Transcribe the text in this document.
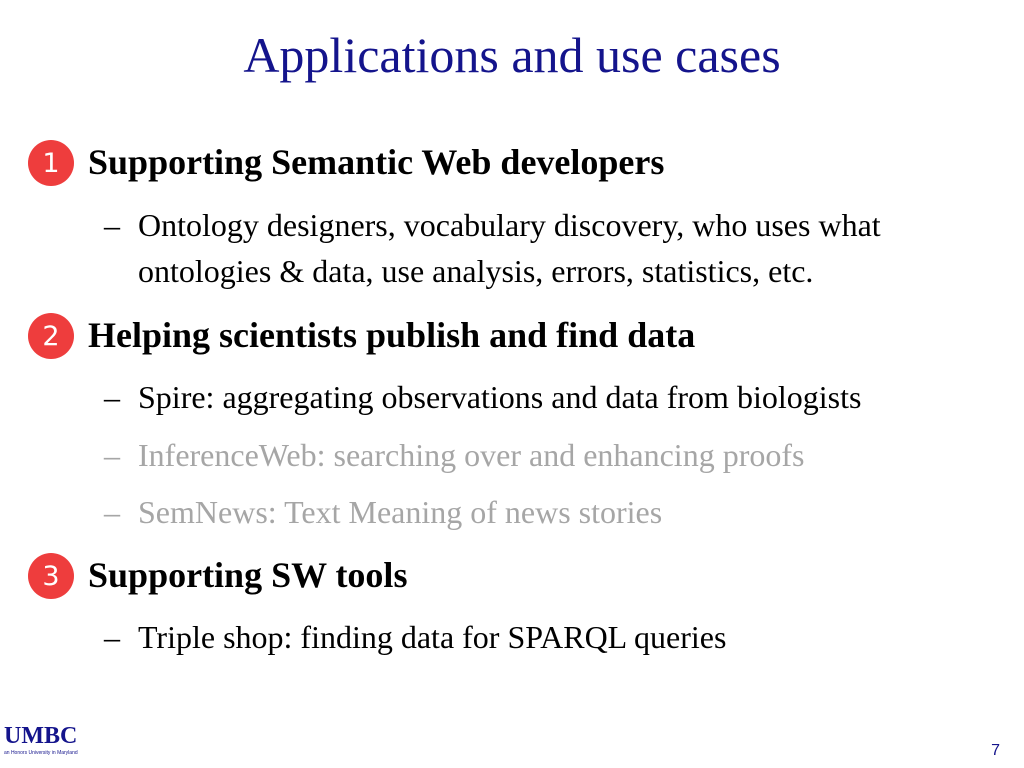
Applications and use cases
1 Supporting Semantic Web developers
– Ontology designers, vocabulary discovery, who uses what ontologies & data, use analysis, errors, statistics, etc.
2 Helping scientists publish and find data
– Spire: aggregating observations and data from biologists
– InferenceWeb: searching over and enhancing proofs
– SemNews: Text Meaning of news stories
3 Supporting SW tools
– Triple shop: finding data for SPARQL queries
UMBC
an Honors University in Maryland	7
